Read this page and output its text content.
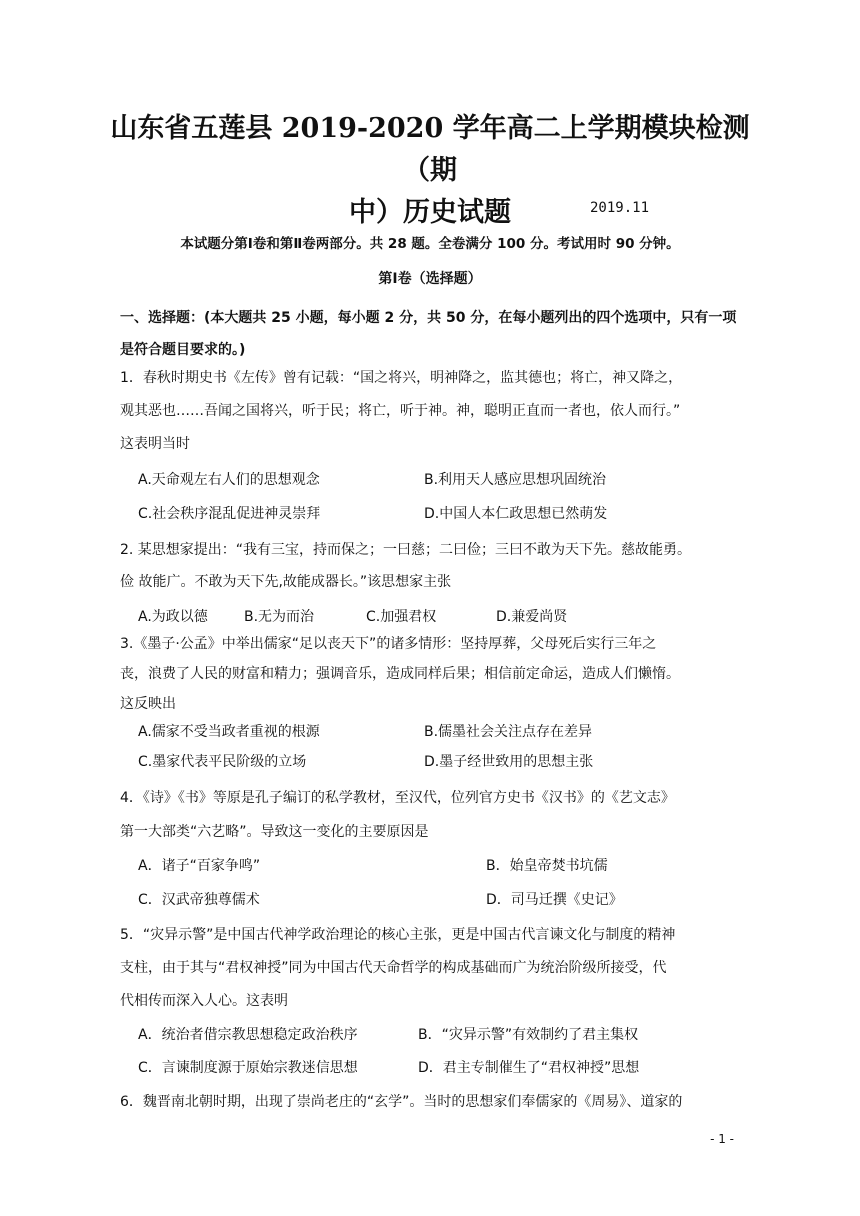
山东省五莲县 2019-2020 学年高二上学期模块检测（期
中）历史试题	2019.11
本试题分第Ⅰ卷和第Ⅱ卷两部分。共 28 题。全卷满分 100 分。考试用时 90 分钟。
第Ⅰ卷（选择题）
一、选择题：(本大题共 25 小题，每小题 2 分，共 50 分，在每小题列出的四个选项中，只有一项是符合题目要求的。)
1．春秋时期史书《左传》曾有记载：“国之将兴，明神降之，监其德也；将亡，神又降之，
观其恶也……吾闻之国将兴，听于民；将亡，听于神。神，聪明正直而一者也，依人而行。”
这表明当时
A.天命观左右人们的思想观念	B.利用天人感应思想巩固统治
C.社会秩序混乱促进神灵崇拜	D.中国人本仁政思想已然萌发
2. 某思想家提出：“我有三宝，持而保之；一曰慈；二曰俭；三曰不敢为天下先。慈故能勇。
俭 故能广。不敢为天下先,故能成器长。”该思想家主张
A.为政以德	B.无为而治	C.加强君权	D.兼爱尚贤
3.《墨子·公孟》中举出儒家“足以丧天下”的诸多情形：坚持厚葬，父母死后实行三年之
丧，浪费了人民的财富和精力；强调音乐，造成同样后果；相信前定命运，造成人们懒惰。
这反映出
A.儒家不受当政者重视的根源	B.儒墨社会关注点存在差异
C.墨家代表平民阶级的立场	D.墨子经世致用的思想主张
4．《诗》《书》等原是孔子编订的私学教材，至汉代，位列官方史书《汉书》的《艺文志》
第一大部类“六艺略”。导致这一变化的主要原因是
A．诸子“百家争鸣”	B．始皇帝焚书坑儒
C．汉武帝独尊儒术	D．司马迁撰《史记》
5．“灾异示警”是中国古代神学政治理论的核心主张，更是中国古代言谏文化与制度的精神
支柱，由于其与“君权神授”同为中国古代天命哲学的构成基础而广为统治阶级所接受，代
代相传而深入人心。这表明
A．统治者借宗教思想稳定政治秩序	B．“灾异示警”有效制约了君主集权
C．言谏制度源于原始宗教迷信思想	D．君主专制催生了“君权神授”思想
6．魏晋南北朝时期，出现了崇尚老庄的“玄学”。当时的思想家们奉儒家的《周易》、道家的
- 1 -
